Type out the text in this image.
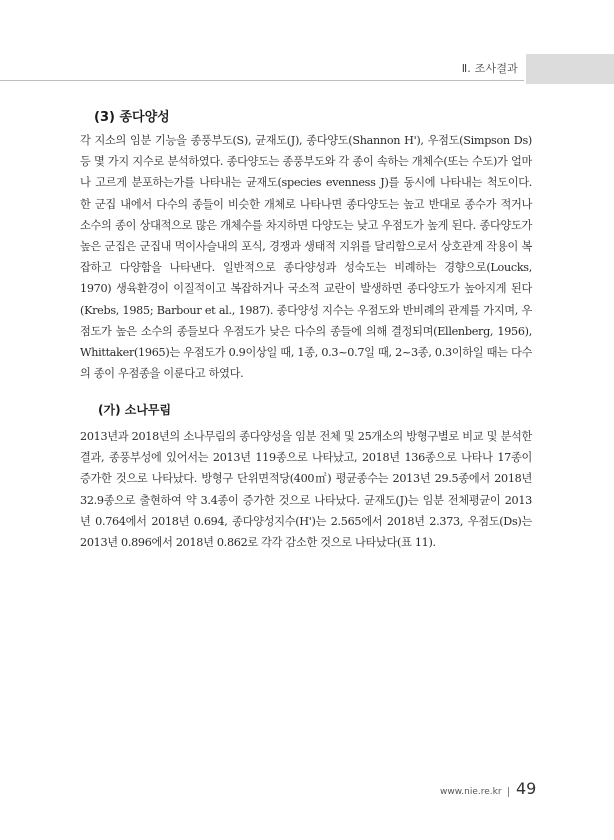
Ⅱ. 조사결과
(3) 종다양성
각 지소의 임분 기능을 종풍부도(S), 균재도(J), 종다양도(Shannon H'), 우점도(Simpson Ds) 등 몇 가지 지수로 분석하였다. 종다양도는 종풍부도와 각 종이 속하는 개체수(또는 수도)가 얼마나 고르게 분포하는가를 나타내는 균재도(species evenness J)를 동시에 나타내는 척도이다. 한 군집 내에서 다수의 종들이 비슷한 개체로 나타나면 종다양도는 높고 반대로 종수가 적거나 소수의 종이 상대적으로 많은 개체수를 차지하면 다양도는 낮고 우점도가 높게 된다. 종다양도가 높은 군집은 군집내 먹이사슬내의 포식, 경쟁과 생태적 지위를 달리함으로서 상호관계 작용이 복잡하고 다양함을 나타낸다. 일반적으로 종다양성과 성숙도는 비례하는 경향으로(Loucks, 1970) 생육환경이 이질적이고 복잡하거나 국소적 교란이 발생하면 종다양도가 높아지게 된다(Krebs, 1985; Barbour et al., 1987). 종다양성 지수는 우점도와 반비례의 관계를 가지며, 우점도가 높은 소수의 종들보다 우점도가 낮은 다수의 종들에 의해 결정되며(Ellenberg, 1956), Whittaker(1965)는 우점도가 0.9이상일 때, 1종, 0.3~0.7일 때, 2~3종, 0.3이하일 때는 다수의 종이 우점종을 이룬다고 하였다.
(가) 소나무림
2013년과 2018년의 소나무림의 종다양성을 임분 전체 및 25개소의 방형구별로 비교 및 분석한 결과, 종풍부성에 있어서는 2013년 119종으로 나타났고, 2018년 136종으로 나타나 17종이 증가한 것으로 나타났다. 방형구 단위면적당(400㎡) 평균종수는 2013년 29.5종에서 2018년 32.9종으로 출현하여 약 3.4종이 증가한 것으로 나타났다. 균재도(J)는 임분 전체평균이 2013년 0.764에서 2018년 0.694, 종다양성지수(H')는 2.565에서 2018년 2.373, 우점도(Ds)는 2013년 0.896에서 2018년 0.862로 각각 감소한 것으로 나타났다(표 11).
www.nie.re.kr 49
